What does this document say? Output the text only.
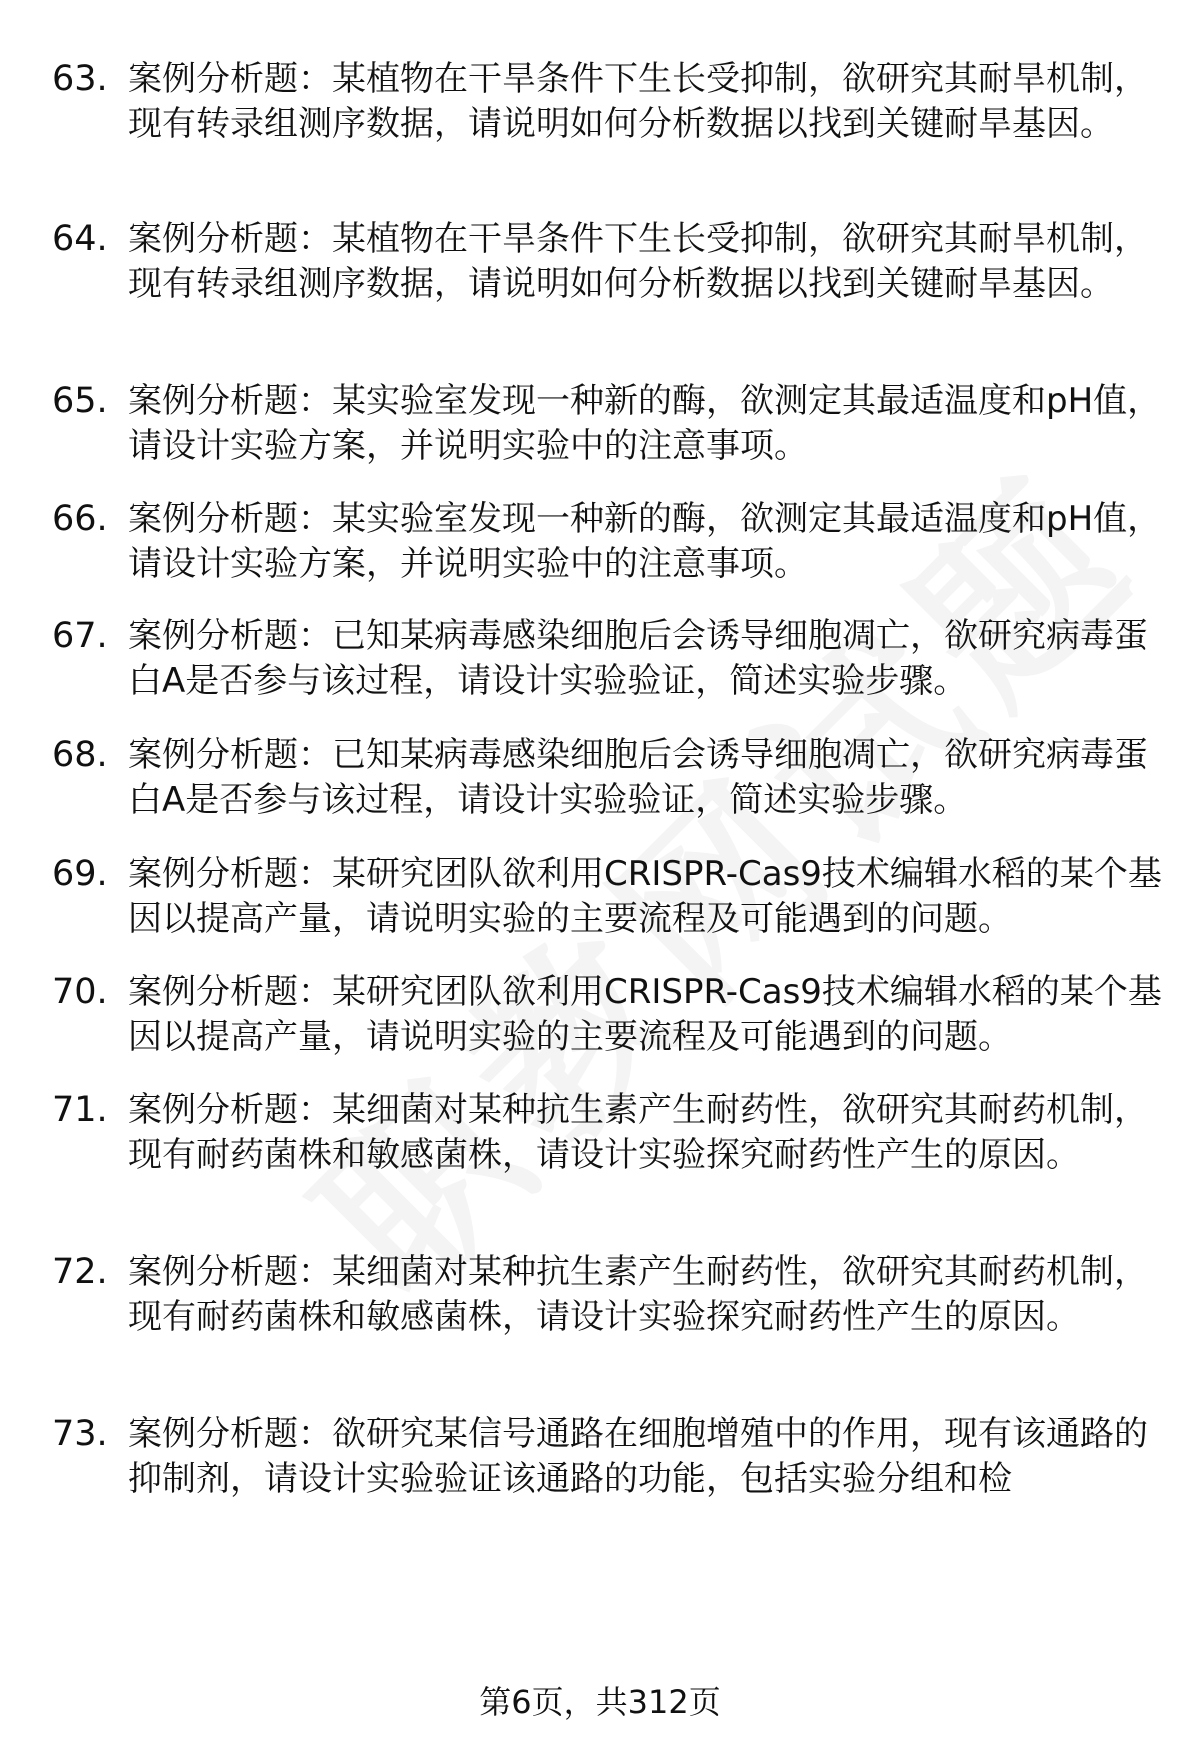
63. 案例分析题：某植物在干旱条件下生长受抑制，欲研究其耐旱机制，现有转录组测序数据，请说明如何分析数据以找到关键耐旱基因。
64. 案例分析题：某植物在干旱条件下生长受抑制，欲研究其耐旱机制，现有转录组测序数据，请说明如何分析数据以找到关键耐旱基因。
65. 案例分析题：某实验室发现一种新的酶，欲测定其最适温度和pH值，请设计实验方案，并说明实验中的注意事项。
66. 案例分析题：某实验室发现一种新的酶，欲测定其最适温度和pH值，请设计实验方案，并说明实验中的注意事项。
67. 案例分析题：已知某病毒感染细胞后会诱导细胞凋亡，欲研究病毒蛋白A是否参与该过程，请设计实验验证，简述实验步骤。
68. 案例分析题：已知某病毒感染细胞后会诱导细胞凋亡，欲研究病毒蛋白A是否参与该过程，请设计实验验证，简述实验步骤。
69. 案例分析题：某研究团队欲利用CRISPR-Cas9技术编辑水稻的某个基因以提高产量，请说明实验的主要流程及可能遇到的问题。
70. 案例分析题：某研究团队欲利用CRISPR-Cas9技术编辑水稻的某个基因以提高产量，请说明实验的主要流程及可能遇到的问题。
71. 案例分析题：某细菌对某种抗生素产生耐药性，欲研究其耐药机制，现有耐药菌株和敏感菌株，请设计实验探究耐药性产生的原因。
72. 案例分析题：某细菌对某种抗生素产生耐药性，欲研究其耐药机制，现有耐药菌株和敏感菌株，请设计实验探究耐药性产生的原因。
73. 案例分析题：欲研究某信号通路在细胞增殖中的作用，现有该通路的抑制剂，请设计实验验证该通路的功能，包括实验分组和检
第6页，共312页
